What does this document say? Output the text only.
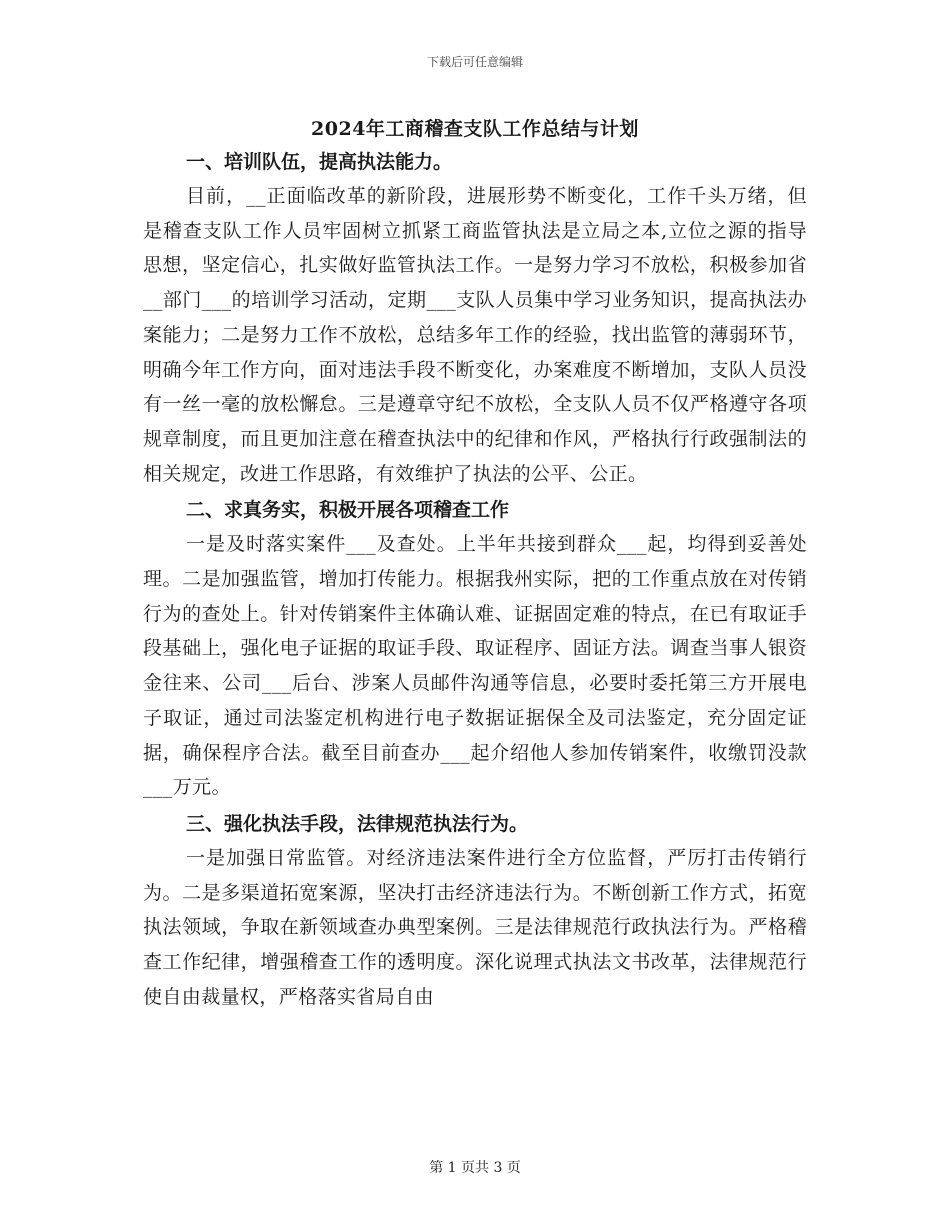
下载后可任意编辑
2024年工商稽查支队工作总结与计划

一、培训队伍，提高执法能力。

目前，__正面临改革的新阶段，进展形势不断变化，工作千头万绪，但是稽查支队工作人员牢固树立抓紧工商监管执法是立局之本,立位之源的指导思想，坚定信心，扎实做好监管执法工作。一是努力学习不放松，积极参加省__部门___的培训学习活动，定期___支队人员集中学习业务知识，提高执法办案能力；二是努力工作不放松，总结多年工作的经验，找出监管的薄弱环节，明确今年工作方向，面对违法手段不断变化，办案难度不断增加，支队人员没有一丝一毫的放松懈怠。三是遵章守纪不放松，全支队人员不仅严格遵守各项规章制度，而且更加注意在稽查执法中的纪律和作风，严格执行行政强制法的相关规定，改进工作思路，有效维护了执法的公平、公正。

二、求真务实，积极开展各项稽查工作

一是及时落实案件___及查处。上半年共接到群众___起，均得到妥善处理。二是加强监管，增加打传能力。根据我州实际，把的工作重点放在对传销行为的查处上。针对传销案件主体确认难、证据固定难的特点，在已有取证手段基础上，强化电子证据的取证手段、取证程序、固证方法。调查当事人银资金往来、公司___后台、涉案人员邮件沟通等信息，必要时委托第三方开展电子取证，通过司法鉴定机构进行电子数据证据保全及司法鉴定，充分固定证据，确保程序合法。截至目前查办___起介绍他人参加传销案件，收缴罚没款___万元。

三、强化执法手段，法律规范执法行为。

一是加强日常监管。对经济违法案件进行全方位监督，严厉打击传销行为。二是多渠道拓宽案源，坚决打击经济违法行为。不断创新工作方式，拓宽执法领域，争取在新领域查办典型案例。三是法律规范行政执法行为。严格稽查工作纪律，增强稽查工作的透明度。深化说理式执法文书改革，法律规范行使自由裁量权，严格落实省局自由

第 1 页共 3 页
